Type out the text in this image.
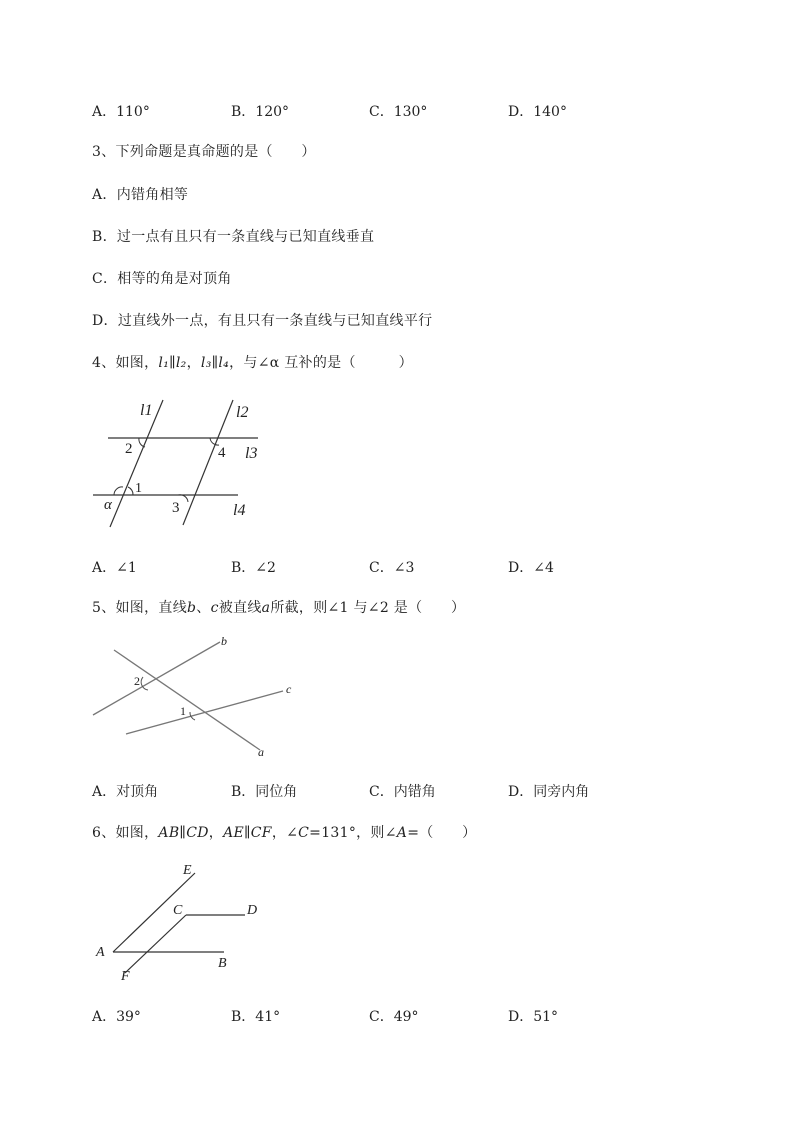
A．110°	B．120°	C．130°	D．140°
3、下列命题是真命题的是（　　）
A．内错角相等
B．过一点有且只有一条直线与已知直线垂直
C．相等的角是对顶角
D．过直线外一点，有且只有一条直线与已知直线平行
4、如图，l₁∥l₂，l₃∥l₄，与∠α 互补的是（　　　）
l1	l2
l3
l4
2	4
1
3
α
A．∠1	B．∠2	C．∠3	D．∠4
5、如图，直线b、c被直线a所截，则∠1 与∠2 是（　　）
b
c
a
2
1
A．对顶角	B．同位角	C．内错角	D．同旁内角
6、如图，AB∥CD，AE∥CF，∠C=131°，则∠A=（　　）
E
C	D
A
B
F
A．39°	B．41°	C．49°	D．51°
